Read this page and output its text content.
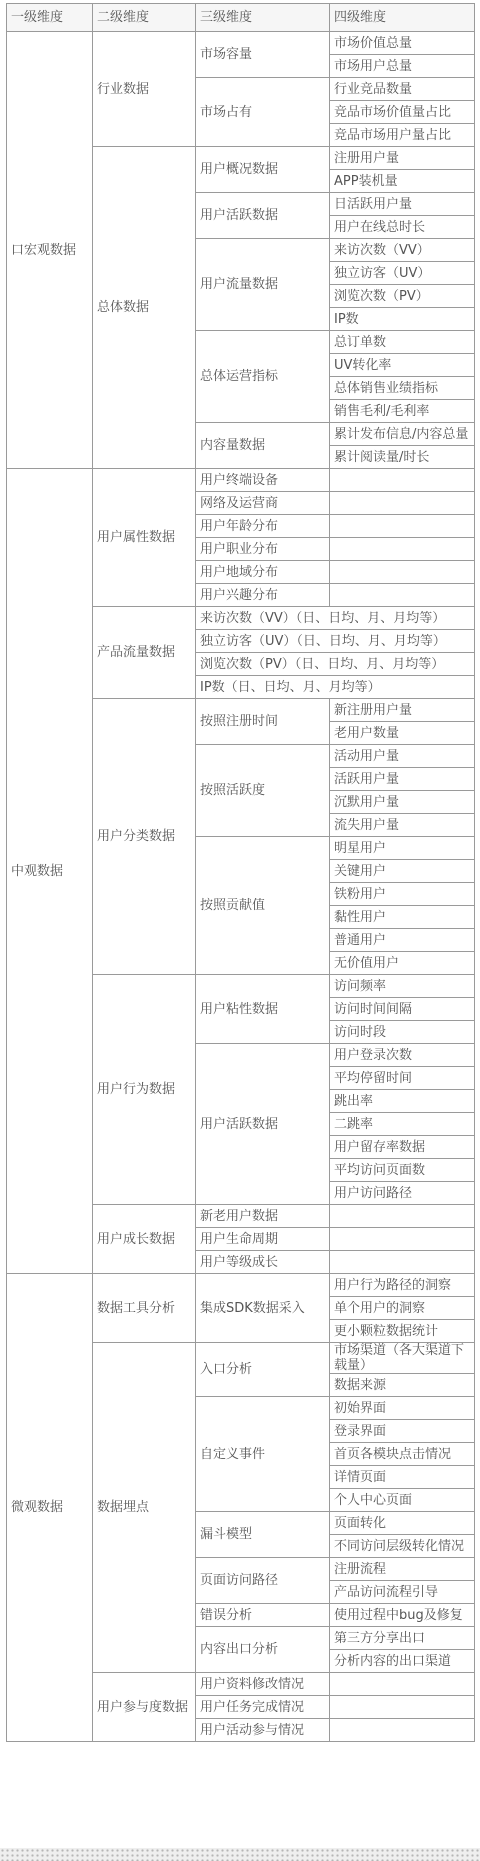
一级维度	二级维度	三级维度	四级维度
口宏观数据	行业数据	市场容量	市场价值总量
			市场用户总量
		市场占有	行业竞品数量
			竞品市场价值量占比
			竞品市场用户量占比
	总体数据	用户概况数据	注册用户量
			APP装机量
		用户活跃数据	日活跃用户量
			用户在线总时长
		用户流量数据	来访次数（VV）
			独立访客（UV）
			浏览次数（PV）
			IP数
		总体运营指标	总订单数
			UV转化率
			总体销售业绩指标
			销售毛利/毛利率
		内容量数据	累计发布信息/内容总量
			累计阅读量/时长
中观数据	用户属性数据	用户终端设备	
		网络及运营商	
		用户年龄分布	
		用户职业分布	
		用户地域分布	
		用户兴趣分布	
	产品流量数据	来访次数（VV）（日、日均、月、月均等）	
		独立访客（UV）（日、日均、月、月均等）	
		浏览次数（PV）（日、日均、月、月均等）	
		IP数（日、日均、月、月均等）	
	用户分类数据	按照注册时间	新注册用户量
			老用户数量
		按照活跃度	活动用户量
			活跃用户量
			沉默用户量
			流失用户量
		按照贡献值	明星用户
			关键用户
			铁粉用户
			黏性用户
			普通用户
			无价值用户
	用户行为数据	用户粘性数据	访问频率
			访问时间间隔
			访问时段
		用户活跃数据	用户登录次数
			平均停留时间
			跳出率
			二跳率
			用户留存率数据
			平均访问页面数
			用户访问路径
	用户成长数据	新老用户数据	
		用户生命周期	
		用户等级成长	
微观数据	数据工具分析	集成SDK数据采入	用户行为路径的洞察
			单个用户的洞察
			更小颗粒数据统计
	数据埋点	入口分析	市场渠道（各大渠道下载量）
			数据来源
		自定义事件	初始界面
			登录界面
			首页各模块点击情况
			详情页面
			个人中心页面
		漏斗模型	页面转化
			不同访问层级转化情况
		页面访问路径	注册流程
			产品访问流程引导
		错误分析	使用过程中bug及修复
		内容出口分析	第三方分享出口
			分析内容的出口渠道
	用户参与度数据	用户资料修改情况	
		用户任务完成情况	
		用户活动参与情况	
